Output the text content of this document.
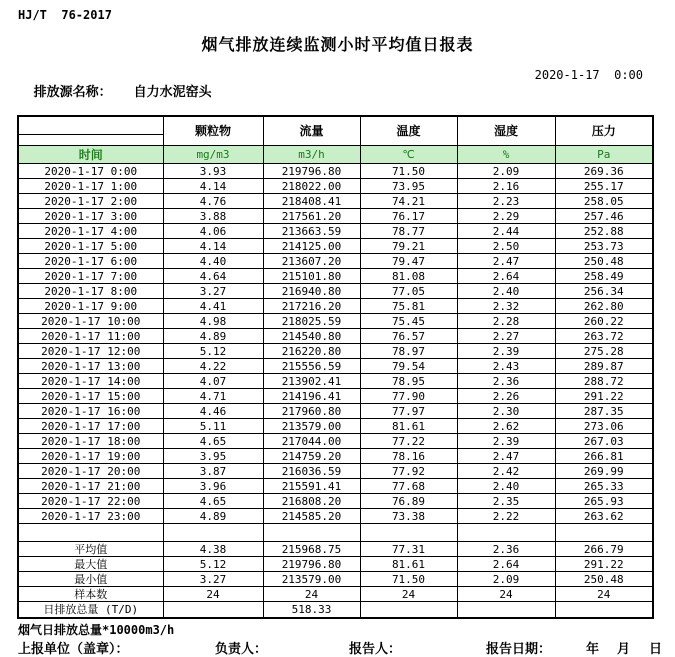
HJ/T  76-2017
烟气排放连续监测小时平均值日报表

排放源名称： 自力水泥窑头

2020-1-17  0:00
	颗粒物	流量	温度	湿度	压力

时间	mg/m3	m3/h	℃	%	Pa
2020-1-17 0:00	3.93	219796.80	71.50	2.09	269.36
2020-1-17 1:00	4.14	218022.00	73.95	2.16	255.17
2020-1-17 2:00	4.76	218408.41	74.21	2.23	258.05
2020-1-17 3:00	3.88	217561.20	76.17	2.29	257.46
2020-1-17 4:00	4.06	213663.59	78.77	2.44	252.88
2020-1-17 5:00	4.14	214125.00	79.21	2.50	253.73
2020-1-17 6:00	4.40	213607.20	79.47	2.47	250.48
2020-1-17 7:00	4.64	215101.80	81.08	2.64	258.49
2020-1-17 8:00	3.27	216940.80	77.05	2.40	256.34
2020-1-17 9:00	4.41	217216.20	75.81	2.32	262.80
2020-1-17 10:00	4.98	218025.59	75.45	2.28	260.22
2020-1-17 11:00	4.89	214540.80	76.57	2.27	263.72
2020-1-17 12:00	5.12	216220.80	78.97	2.39	275.28
2020-1-17 13:00	4.22	215556.59	79.54	2.43	289.87
2020-1-17 14:00	4.07	213902.41	78.95	2.36	288.72
2020-1-17 15:00	4.71	214196.41	77.90	2.26	291.22
2020-1-17 16:00	4.46	217960.80	77.97	2.30	287.35
2020-1-17 17:00	5.11	213579.00	81.61	2.62	273.06
2020-1-17 18:00	4.65	217044.00	77.22	2.39	267.03
2020-1-17 19:00	3.95	214759.20	78.16	2.47	266.81
2020-1-17 20:00	3.87	216036.59	77.92	2.42	269.99
2020-1-17 21:00	3.96	215591.41	77.68	2.40	265.33
2020-1-17 22:00	4.65	216808.20	76.89	2.35	265.93
2020-1-17 23:00	4.89	214585.20	73.38	2.22	263.62

平均值	4.38	215968.75	77.31	2.36	266.79
最大值	5.12	219796.80	81.61	2.64	291.22
最小值	3.27	213579.00	71.50	2.09	250.48
样本数	24	24	24	24	24
日排放总量 (T/D)		518.33			
烟气日排放总量*10000m3/h
上报单位（盖章）：	负责人：	报告人：	报告日期：	年 月 日
